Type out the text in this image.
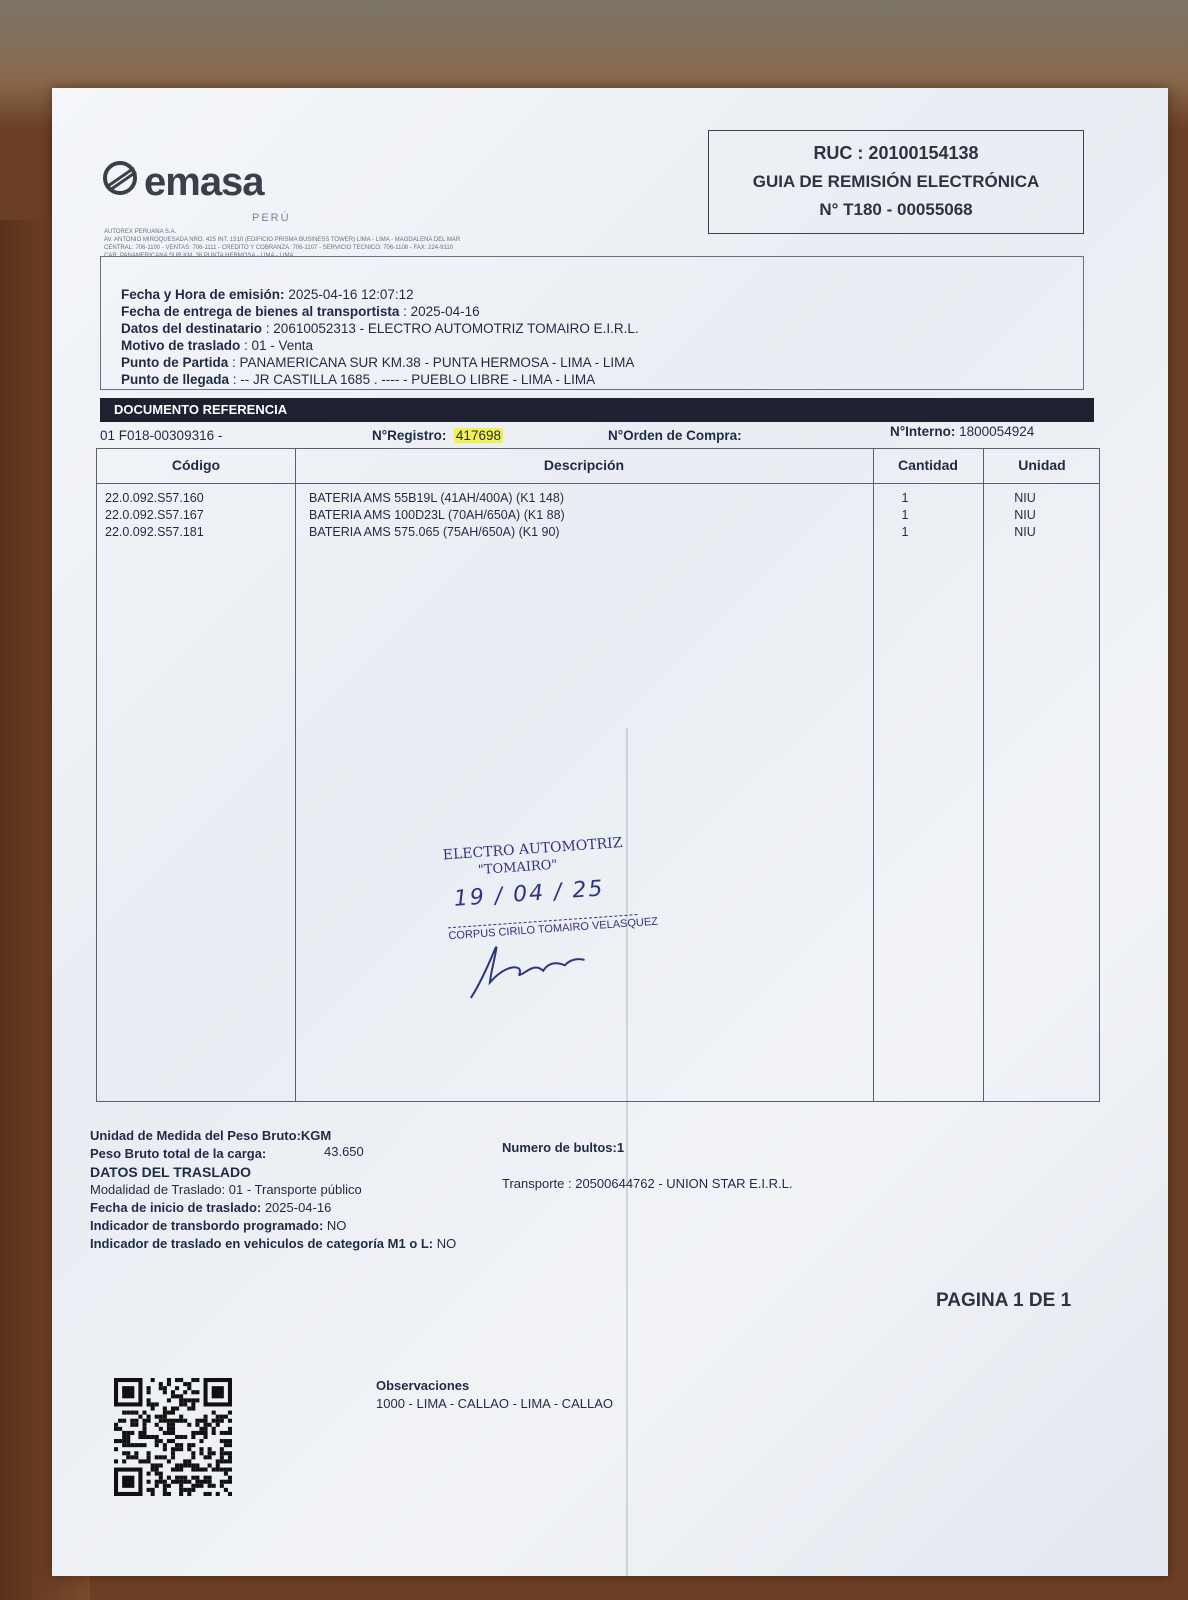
emasa
PERÚ
AUTOREX PERUANA S.A.
AV. ANTONIO MIROQUESADA NRO. 425 INT. 1510 (EDIFICIO PRISMA BUSINESS TOWER) LIMA - LIMA - MAGDALENA DEL MAR
CENTRAL: 706-1100 - VENTAS: 706-1111 - CREDITO Y COBRANZA: 706-1107 - SERVICIO TECNICO: 706-1108 - FAX: 224-9110
CAR. PANAMERICANA SUR KM. 38 PUNTA HERMOSA - LIMA - LIMA
RUC : 20100154138
GUIA DE REMISIÓN ELECTRÓNICA
N° T180 - 00055068
Fecha y Hora de emisión: 2025-04-16 12:07:12
Fecha de entrega de bienes al transportista : 2025-04-16
Datos del destinatario : 20610052313 - ELECTRO AUTOMOTRIZ TOMAIRO E.I.R.L.
Motivo de traslado : 01 - Venta
Punto de Partida : PANAMERICANA SUR KM.38 - PUNTA HERMOSA - LIMA - LIMA
Punto de llegada : -- JR CASTILLA 1685 . ---- - PUEBLO LIBRE - LIMA - LIMA
DOCUMENTO REFERENCIA
01 F018-00309316 -	N°Registro: 417698	N°Orden de Compra:	N°Interno: 1800054924
Código	Descripción	Cantidad	Unidad
22.0.092.S57.160	BATERIA AMS 55B19L (41AH/400A) (K1 148)	1	NIU
22.0.092.S57.167	BATERIA AMS 100D23L (70AH/650A) (K1 88)	1	NIU
22.0.092.S57.181	BATERIA AMS 575.065 (75AH/650A) (K1 90)	1	NIU
ELECTRO AUTOMOTRIZ
"TOMAIRO"
19 / 04 / 25
CORPUS CIRILO TOMAIRO VELASQUEZ
Unidad de Medida del Peso Bruto:KGM
Peso Bruto total de la carga:	43.650	Numero de bultos:1
DATOS DEL TRASLADO
Modalidad de Traslado: 01 - Transporte público	Transporte : 20500644762 - UNION STAR E.I.R.L.
Fecha de inicio de traslado: 2025-04-16
Indicador de transbordo programado: NO
Indicador de traslado en vehiculos de categoría M1 o L: NO
PAGINA 1 DE 1
Observaciones
1000 - LIMA - CALLAO - LIMA - CALLAO
